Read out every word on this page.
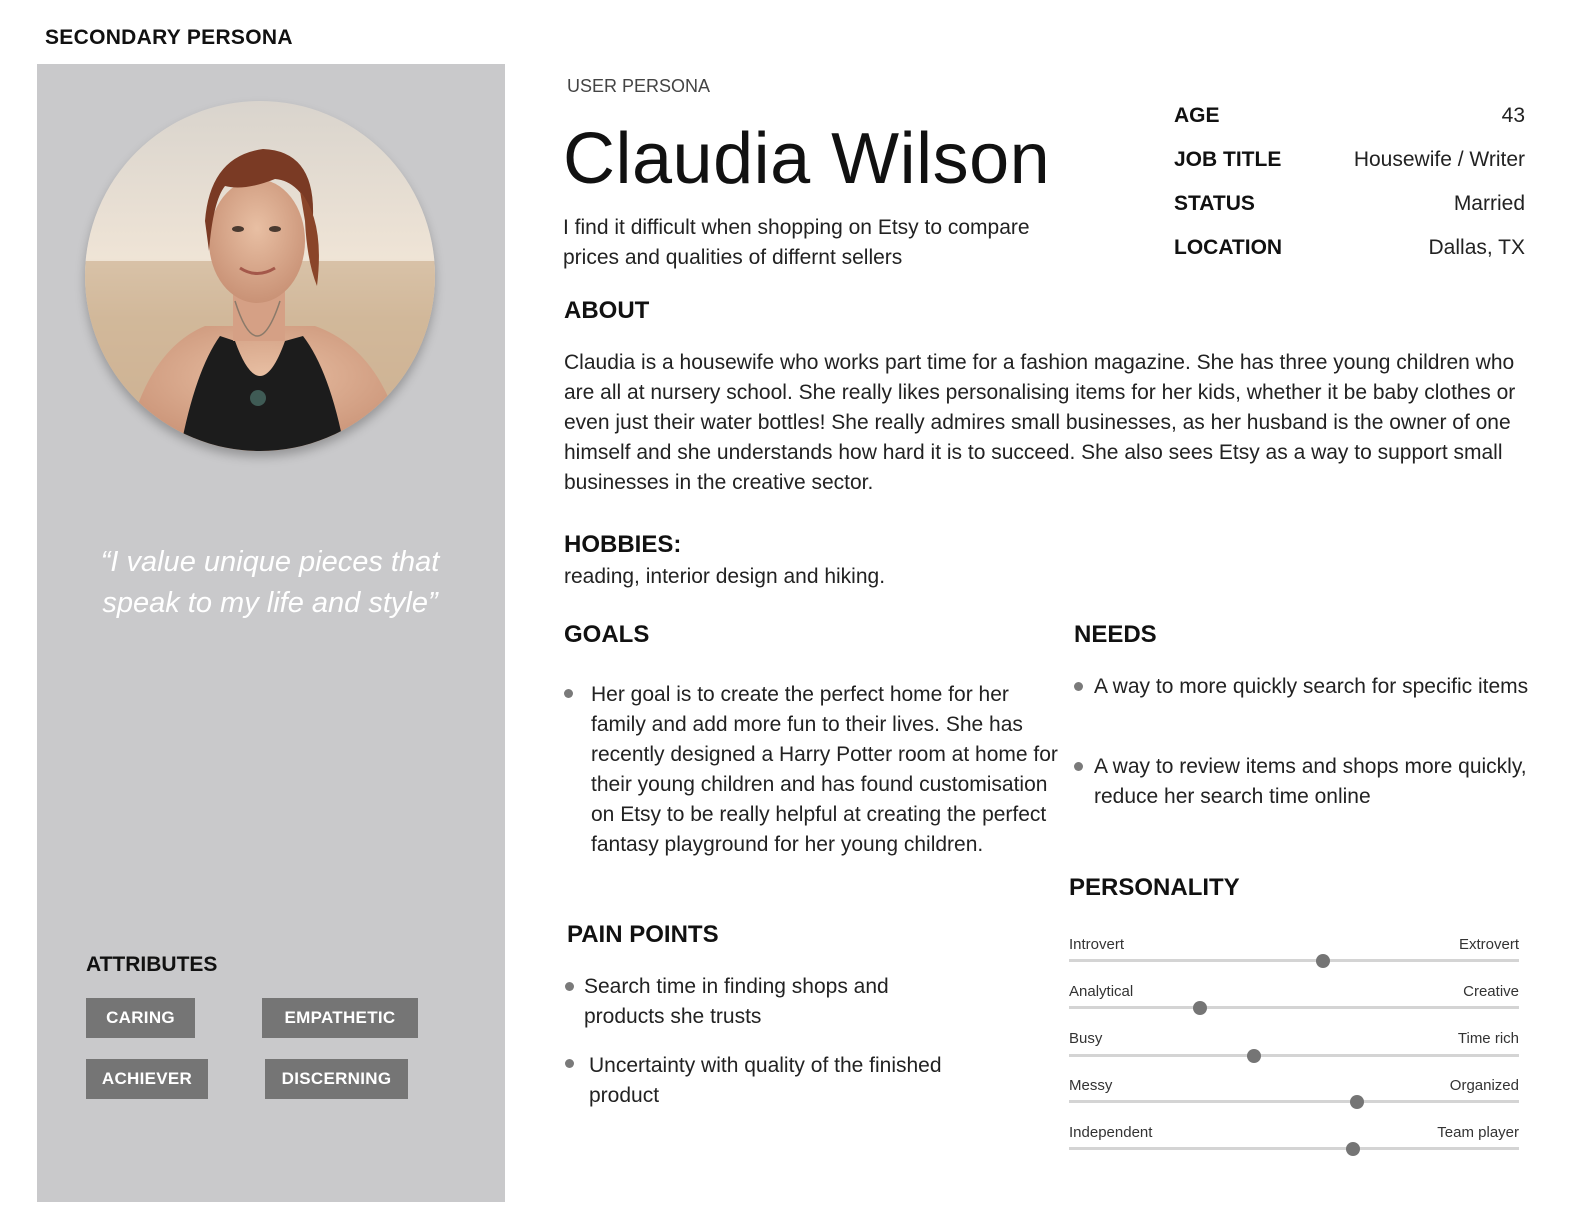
SECONDARY PERSONA
“I value unique pieces that speak to my life and style”
ATTRIBUTES
CARING	EMPATHETIC
ACHIEVER	DISCERNING
USER PERSONA
Claudia Wilson
I find it difficult when shopping on Etsy to compare prices and qualities of differnt sellers
AGE	43
JOB TITLE	Housewife / Writer
STATUS	Married
LOCATION	Dallas, TX
ABOUT
Claudia is a housewife who works part time for a fashion magazine. She has three young children who are all at nursery school. She really likes personalising items for her kids, whether it be baby clothes or even just their water bottles! She really admires small businesses, as her husband is the owner of one himself and she understands how hard it is to succeed. She also sees Etsy as a way to support small businesses in the creative sector.
HOBBIES:
reading, interior design and hiking.
GOALS
Her goal is to create the perfect home for her family and add more fun to their lives. She has recently designed a Harry Potter room at home for their young children and has found customisation on Etsy to be really helpful at creating the perfect fantasy playground for her young children.
NEEDS
A way to more quickly search for specific items
A way to review items and shops more quickly, reduce her search time online
PAIN POINTS
Search time in finding shops and products she trusts
Uncertainty with quality of the finished product
PERSONALITY
Introvert	Extrovert
Analytical	Creative
Busy	Time rich
Messy	Organized
Independent	Team player
